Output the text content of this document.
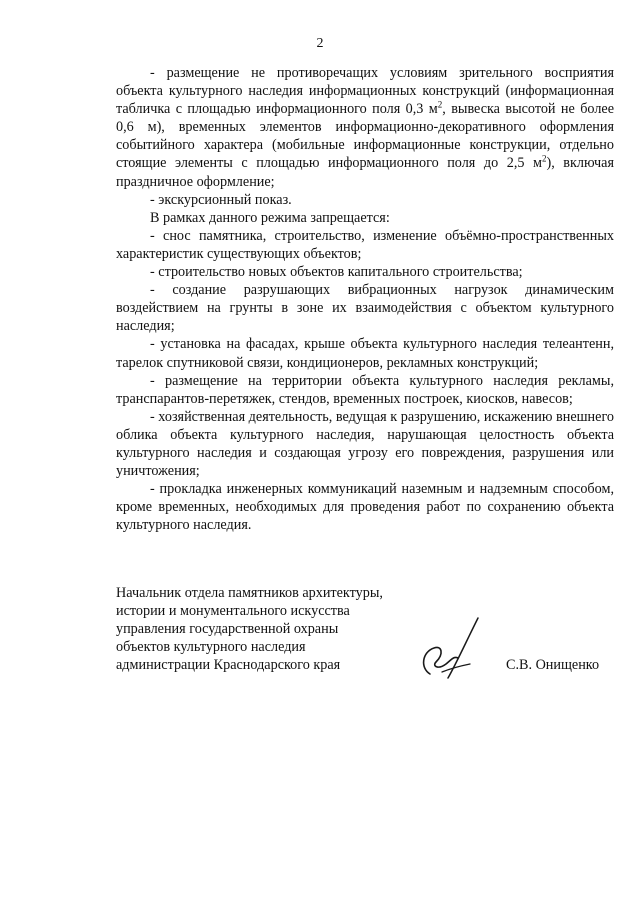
2

- размещение не противоречащих условиям зрительного восприятия объекта культурного наследия информационных конструкций (информационная табличка с площадью информационного поля 0,3 $м^2$, вывеска высотой не более 0,6 м), временных элементов информационно-декоративного оформления событийного характера (мобильные информационные конструкции, отдельно стоящие элементы с площадью информационного поля до 2,5 $м^2$), включая праздничное оформление;

- экскурсионный показ.

В рамках данного режима запрещается:

- снос памятника, строительство, изменение объёмно-пространственных характеристик существующих объектов;

- строительство новых объектов капитального строительства;

- создание разрушающих вибрационных нагрузок динамическим воздействием на грунты в зоне их взаимодействия с объектом культурного наследия;

- установка на фасадах, крыше объекта культурного наследия телеантенн, тарелок спутниковой связи, кондиционеров, рекламных конструкций;

- размещение на территории объекта культурного наследия рекламы, транспарантов-перетяжек, стендов, временных построек, киосков, навесов;

- хозяйственная деятельность, ведущая к разрушению, искажению внешнего облика объекта культурного наследия, нарушающая целостность объекта культурного наследия и создающая угрозу его повреждения, разрушения или уничтожения;

- прокладка инженерных коммуникаций наземным и надземным способом, кроме временных, необходимых для проведения работ по сохранению объекта культурного наследия.

Начальник отдела памятников архитектуры,
истории и монументального искусства
управления государственной охраны
объектов культурного наследия
администрации Краснодарского края	С.В. Онищенко
